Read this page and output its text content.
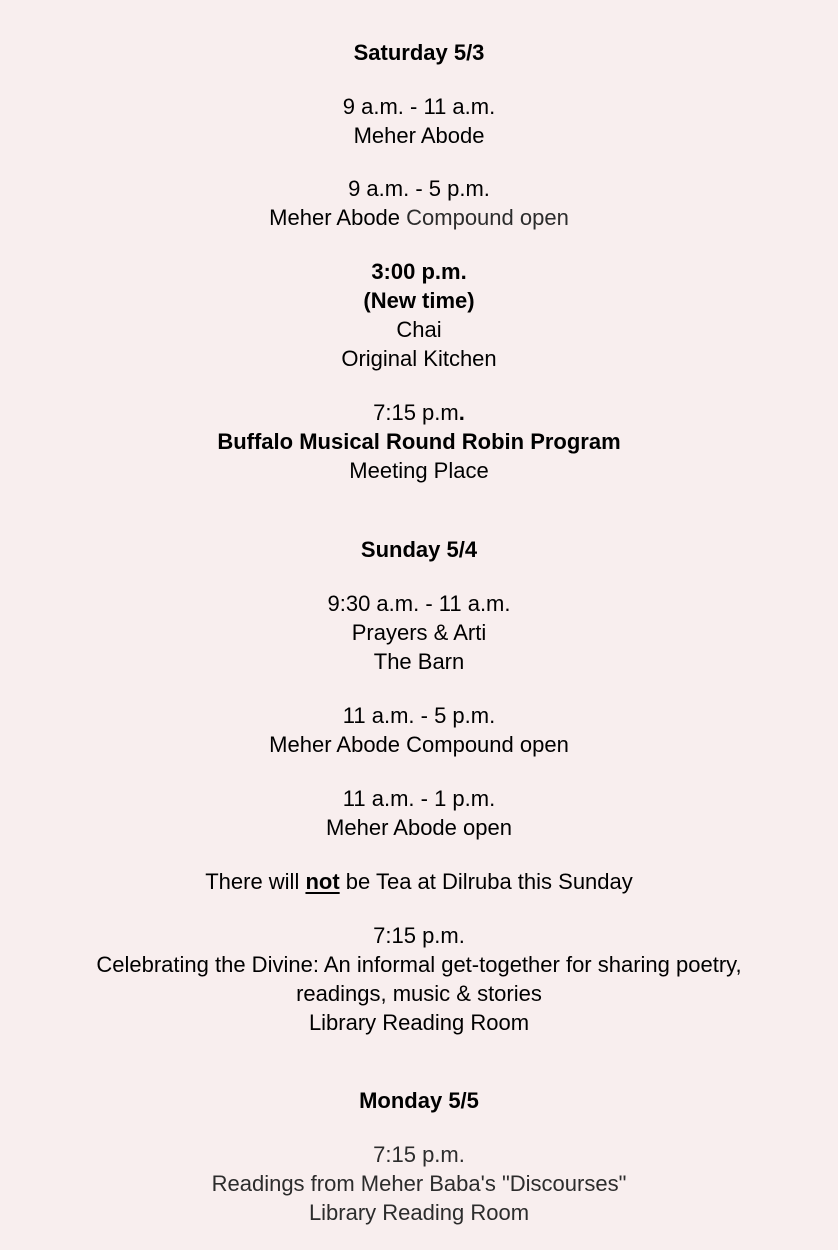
Saturday 5/3
9 a.m. - 11 a.m.
Meher Abode
9 a.m. - 5 p.m.
Meher Abode Compound open
3:00 p.m.
(New time)
Chai
Original Kitchen
7:15 p.m.
Buffalo Musical Round Robin Program
Meeting Place
Sunday 5/4
9:30 a.m. - 11 a.m.
Prayers & Arti
The Barn
11 a.m. - 5 p.m.
Meher Abode Compound open
11 a.m. - 1 p.m.
Meher Abode open
There will not be Tea at Dilruba this Sunday
7:15 p.m.
Celebrating the Divine: An informal get-together for sharing poetry,
readings, music & stories
Library Reading Room
Monday 5/5
7:15 p.m.
Readings from Meher Baba's "Discourses"
Library Reading Room
